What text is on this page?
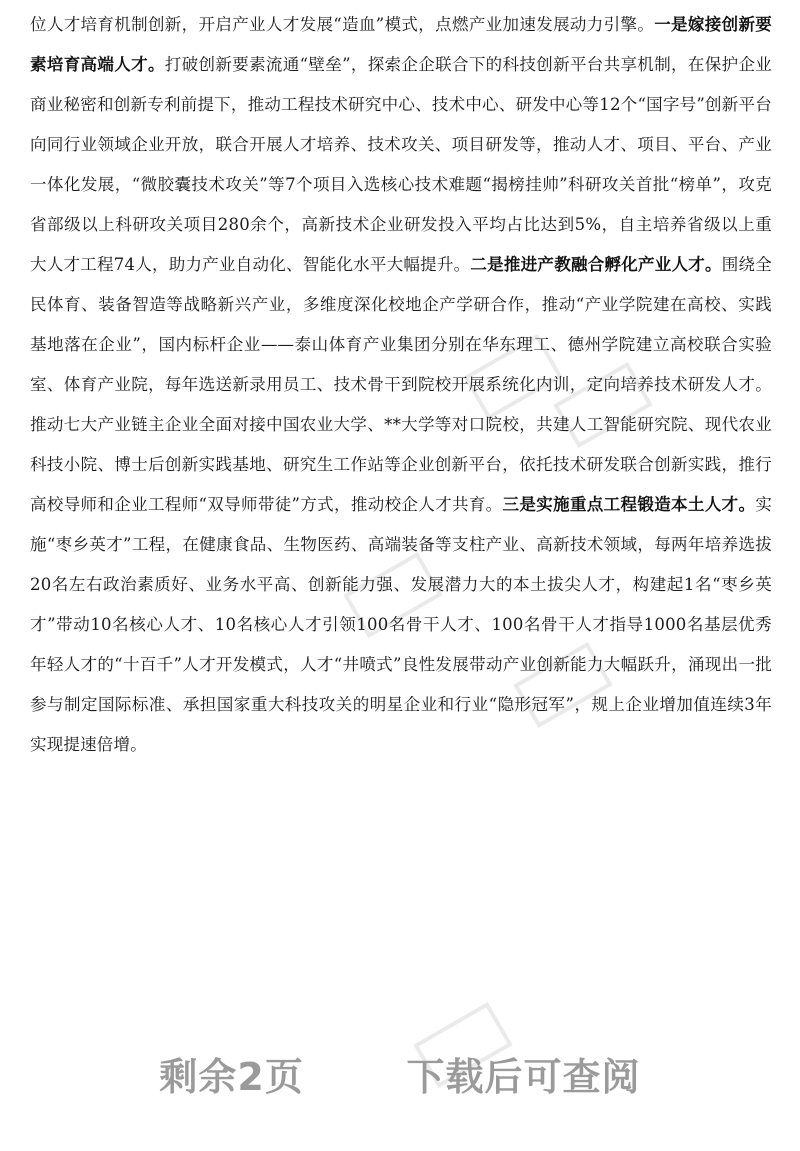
位人才培育机制创新，开启产业人才发展“造血”模式，点燃产业加速发展动力引擎。一是嫁接创新要素培育高端人才。打破创新要素流通“壁垒”，探索企企联合下的科技创新平台共享机制，在保护企业商业秘密和创新专利前提下，推动工程技术研究中心、技术中心、研发中心等12个“国字号”创新平台向同行业领域企业开放，联合开展人才培养、技术攻关、项目研发等，推动人才、项目、平台、产业一体化发展，“微胶囊技术攻关”等7个项目入选核心技术难题“揭榜挂帅”科研攻关首批“榜单”，攻克省部级以上科研攻关项目280余个，高新技术企业研发投入平均占比达到5%，自主培养省级以上重大人才工程74人，助力产业自动化、智能化水平大幅提升。二是推进产教融合孵化产业人才。围绕全民体育、装备智造等战略新兴产业，多维度深化校地企产学研合作，推动“产业学院建在高校、实践基地落在企业”，国内标杆企业——泰山体育产业集团分别在华东理工、德州学院建立高校联合实验室、体育产业院，每年选送新录用员工、技术骨干到院校开展系统化内训，定向培养技术研发人才。推动七大产业链主企业全面对接中国农业大学、**大学等对口院校，共建人工智能研究院、现代农业科技小院、博士后创新实践基地、研究生工作站等企业创新平台，依托技术研发联合创新实践，推行高校导师和企业工程师“双导师带徒”方式，推动校企人才共育。三是实施重点工程锻造本土人才。实施“枣乡英才”工程，在健康食品、生物医药、高端装备等支柱产业、高新技术领域，每两年培养选拔20名左右政治素质好、业务水平高、创新能力强、发展潜力大的本土拔尖人才，构建起1名“枣乡英才”带动10名核心人才、10名核心人才引领100名骨干人才、100名骨干人才指导1000名基层优秀年轻人才的“十百千”人才开发模式，人才“井喷式”良性发展带动产业创新能力大幅跃升，涌现出一批参与制定国际标准、承担国家重大科技攻关的明星企业和行业“隐形冠军”，规上企业增加值连续3年实现提速倍增。

剩余2页   下载后可查阅
